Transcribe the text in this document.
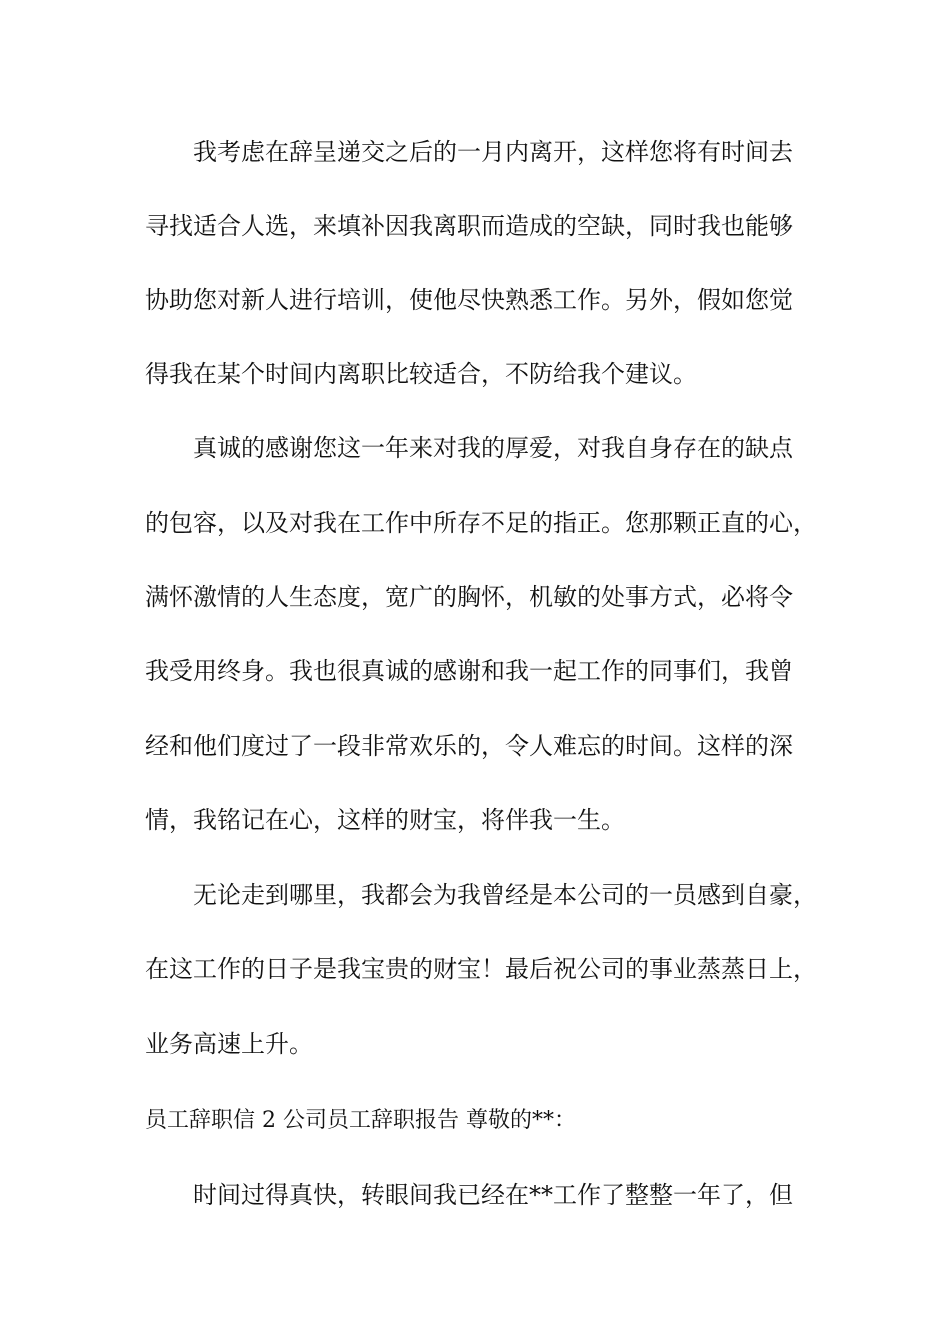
我考虑在辞呈递交之后的一月内离开，这样您将有时间去
寻找适合人选，来填补因我离职而造成的空缺，同时我也能够
协助您对新人进行培训，使他尽快熟悉工作。另外，假如您觉
得我在某个时间内离职比较适合，不防给我个建议。
真诚的感谢您这一年来对我的厚爱，对我自身存在的缺点
的包容，以及对我在工作中所存不足的指正。您那颗正直的心，
满怀激情的人生态度，宽广的胸怀，机敏的处事方式，必将令
我受用终身。我也很真诚的感谢和我一起工作的同事们，我曾
经和他们度过了一段非常欢乐的，令人难忘的时间。这样的深
情，我铭记在心，这样的财宝，将伴我一生。
无论走到哪里，我都会为我曾经是本公司的一员感到自豪，
在这工作的日子是我宝贵的财宝！最后祝公司的事业蒸蒸日上，
业务高速上升。
员工辞职信 2 公司员工辞职报告 尊敬的**：
时间过得真快，转眼间我已经在**工作了整整一年了，但
